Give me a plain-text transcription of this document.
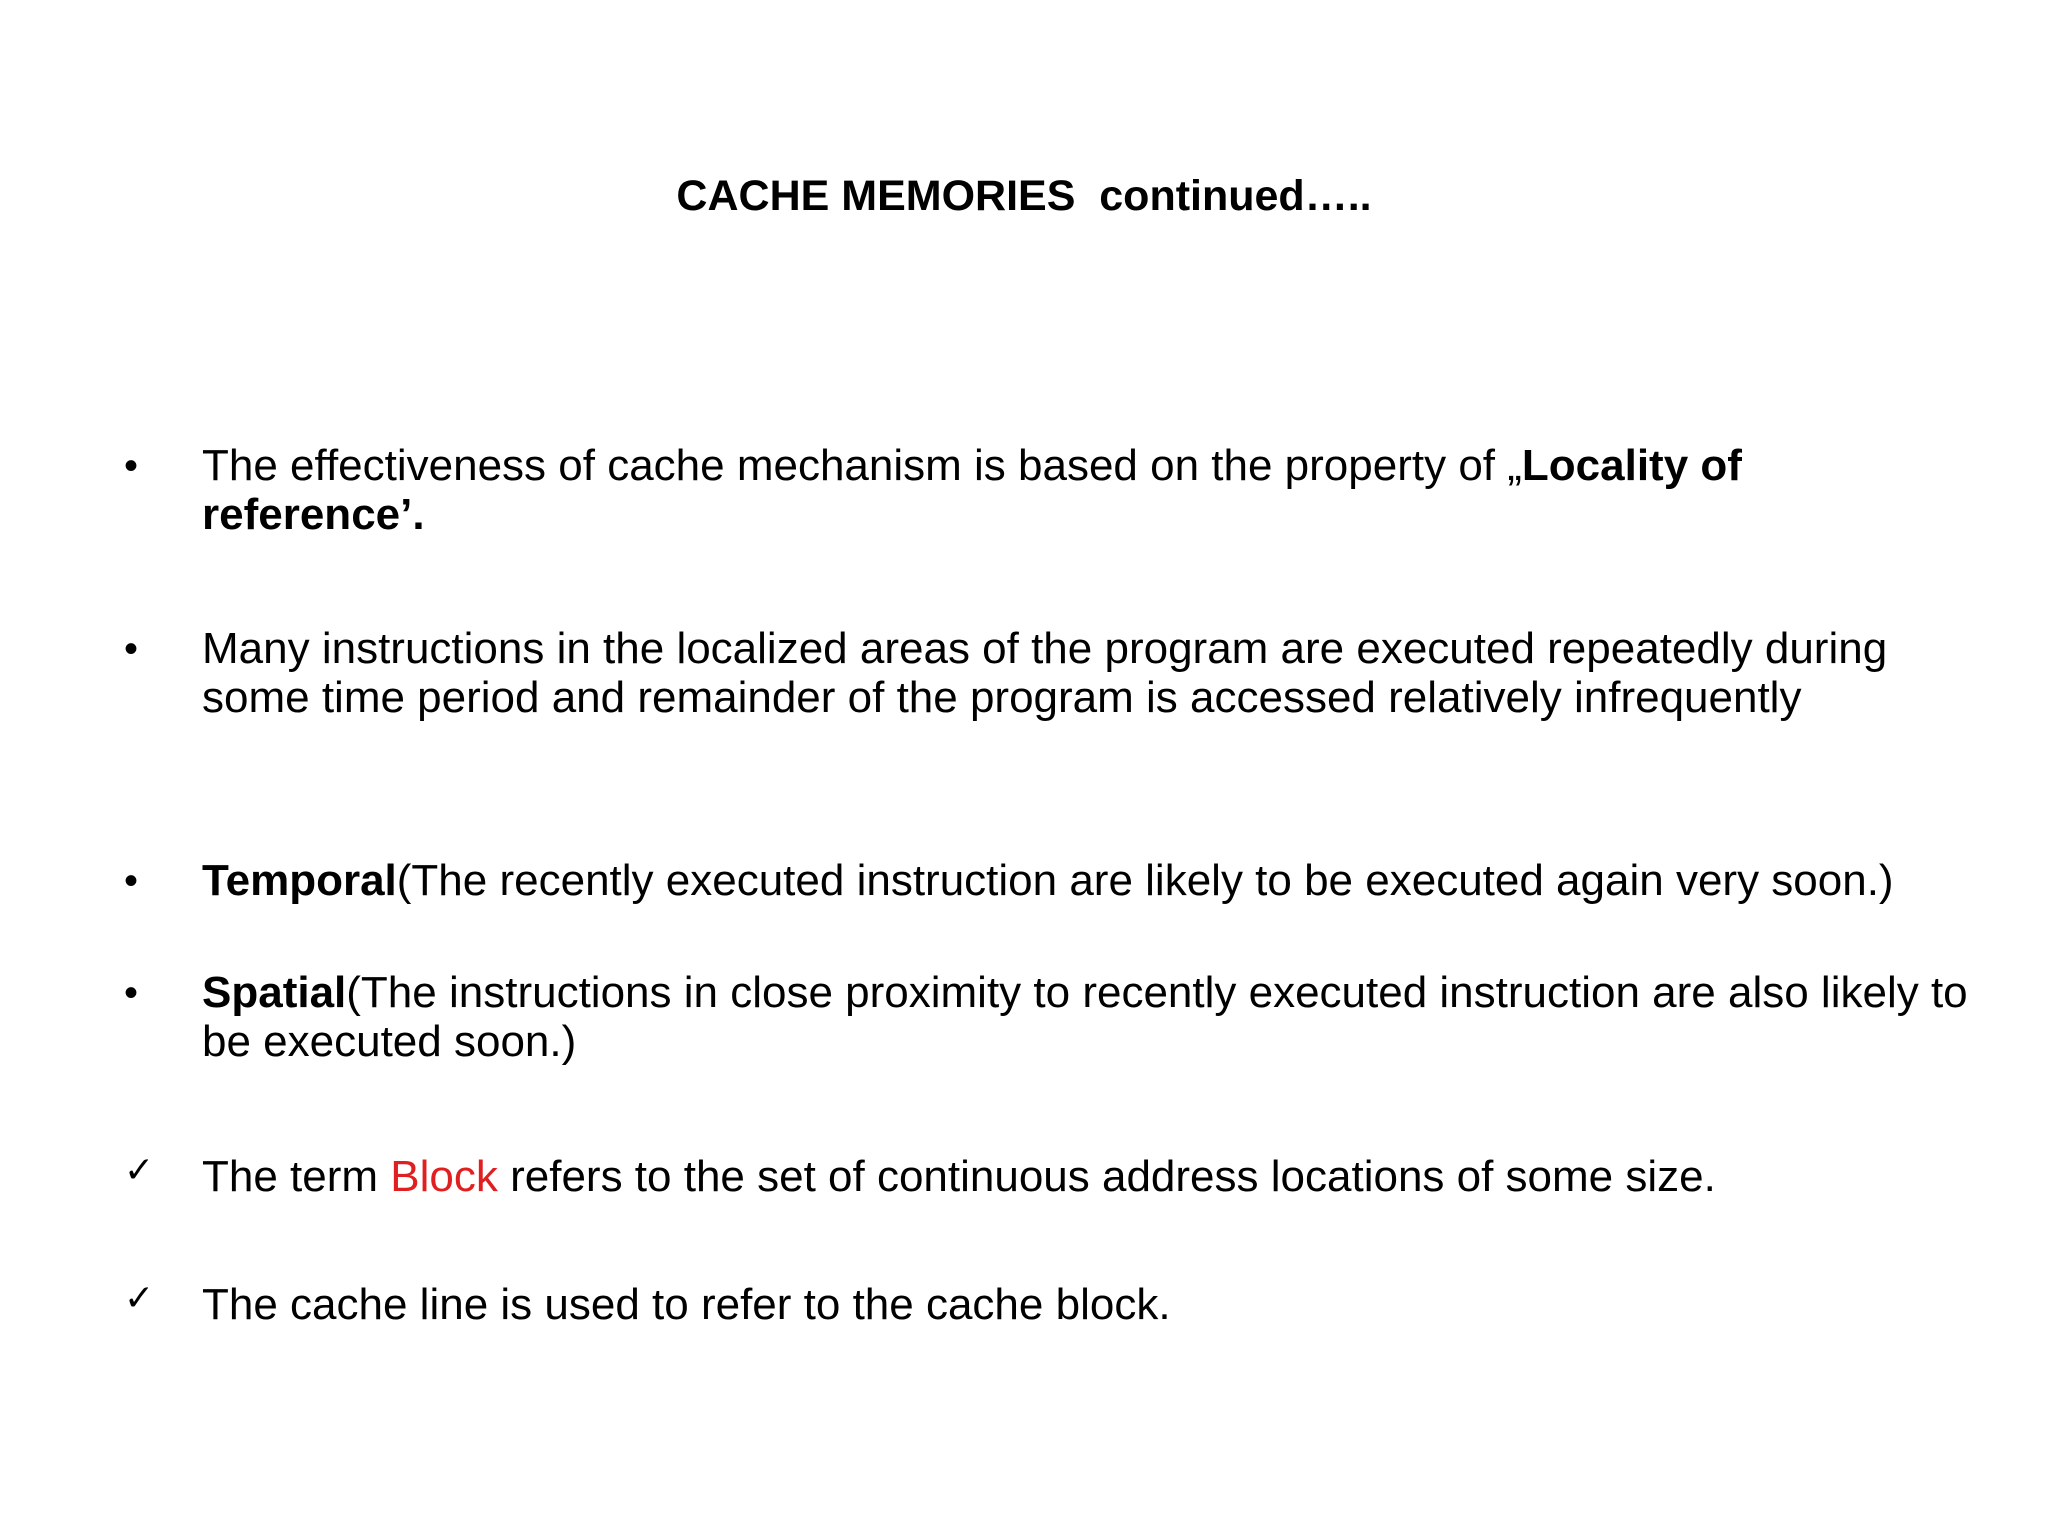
CACHE MEMORIES  continued…..
•	The effectiveness of cache mechanism is based on the property of „Locality of reference’.
•	Many instructions in the localized areas of the program are executed repeatedly during some time period and remainder of the program is accessed relatively infrequently
•	Temporal(The recently executed instruction are likely to be executed again very soon.)
•	Spatial(The instructions in close proximity to recently executed instruction are also likely to be executed soon.)
✓ The term Block refers to the set of continuous address locations of some size.
✓ The cache line is used to refer to the cache block.
